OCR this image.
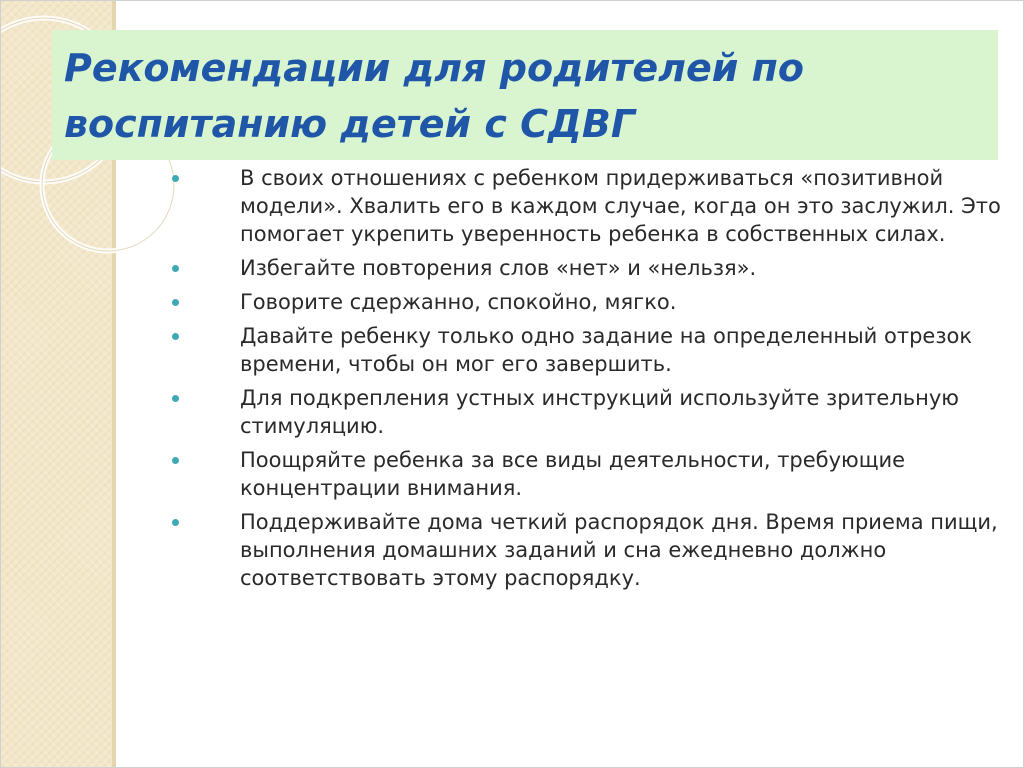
Рекомендации для родителей по
воспитанию детей с СДВГ
В своих отношениях с ребенком придерживаться «позитивной модели». Хвалить его в каждом случае, когда он это заслужил. Это помогает укрепить уверенность ребенка в собственных силах.
Избегайте повторения слов «нет» и «нельзя».
Говорите сдержанно, спокойно, мягко.
Давайте ребенку только одно задание на определенный отрезок времени, чтобы он мог его завершить.
Для подкрепления устных инструкций используйте зрительную стимуляцию.
Поощряйте ребенка за все виды деятельности, требующие концентрации внимания.
Поддерживайте дома четкий распорядок дня. Время приема пищи, выполнения домашних заданий и сна ежедневно должно соответствовать этому распорядку.
